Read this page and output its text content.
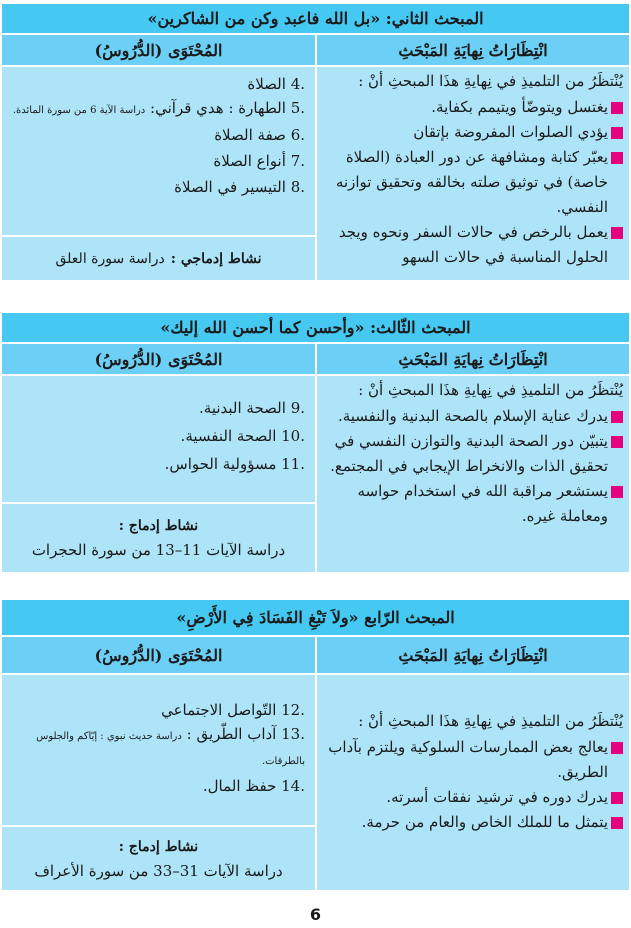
المبحث الثاني: «بل الله فاعبد وكن من الشاكرين»
انْتِظَارَاتُ نِهايَةِ المَبْحَثِ
المُحْتَوَى (الدُّرُوسُ)
يُنْتظَرُ من التلميذِ في نِهايةِ هذَا المبحثِ أنْ :
يغتسل ويتوضّأ ويتيمم بكفاية.
يؤدي الصلوات المفروضة بإتقان
يعبّر كتابة ومشافهة عن دور العبادة (الصلاة خاصة) في توثيق صلته بخالقه وتحقيق توازنه النفسي.
يعمل بالرخص في حالات السفر ونحوه ويجد الحلول المناسبة في حالات السهو
4. الصلاة
5. الطهارة : هدي قرآني: دراسة الآية 6 من سورة المائدة.
6. صفة الصلاة
7. أنواع الصلاة
8. التيسير في الصلاة
نشاط إدماجي :
دراسة سورة العلق
المبحث الثّالث: «وأحسن كما أحسن الله إليك»
انْتِظَارَاتُ نِهايَةِ المَبْحَثِ
المُحْتَوَى (الدُّرُوسُ)
يُنْتظَرُ من التلميذِ في نِهايةِ هذَا المبحثِ أنْ :
يدرك عناية الإسلام بالصحة البدنية والنفسية.
يتبيّن دور الصحة البدنية والتوازن النفسي في تحقيق الذات والانخراط الإيجابي في المجتمع.
يستشعر مراقبة الله في استخدام حواسه ومعاملة غيره.
9. الصحة البدنية.
10. الصحة النفسية.
11. مسؤولية الحواس.
نشاط إدماج :
دراسة الآيات 11–13 من سورة الحجرات
المبحث الرّابع «ولاَ تَبْغِ الفَسَادَ فِي الأَرْضِ»
انْتِظَارَاتُ نِهايَةِ المَبْحَثِ
المُحْتَوَى (الدُّرُوسُ)
يُنْتظَرُ من التلميذِ في نِهايةِ هذَا المبحثِ أنْ :
يعالج بعض الممارسات السلوكية ويلتزم بآداب الطريق.
يدرك دوره في ترشيد نفقات أسرته.
يتمثل ما للملك الخاص والعام من حرمة.
12. التّواصل الاجتماعي
13. آداب الطّريق : دراسة حديث نبوي : إيّاكم والجلوس بالطرقات.
14. حفظ المال.
نشاط إدماج :
دراسة الآيات 31–33 من سورة الأعراف
6
